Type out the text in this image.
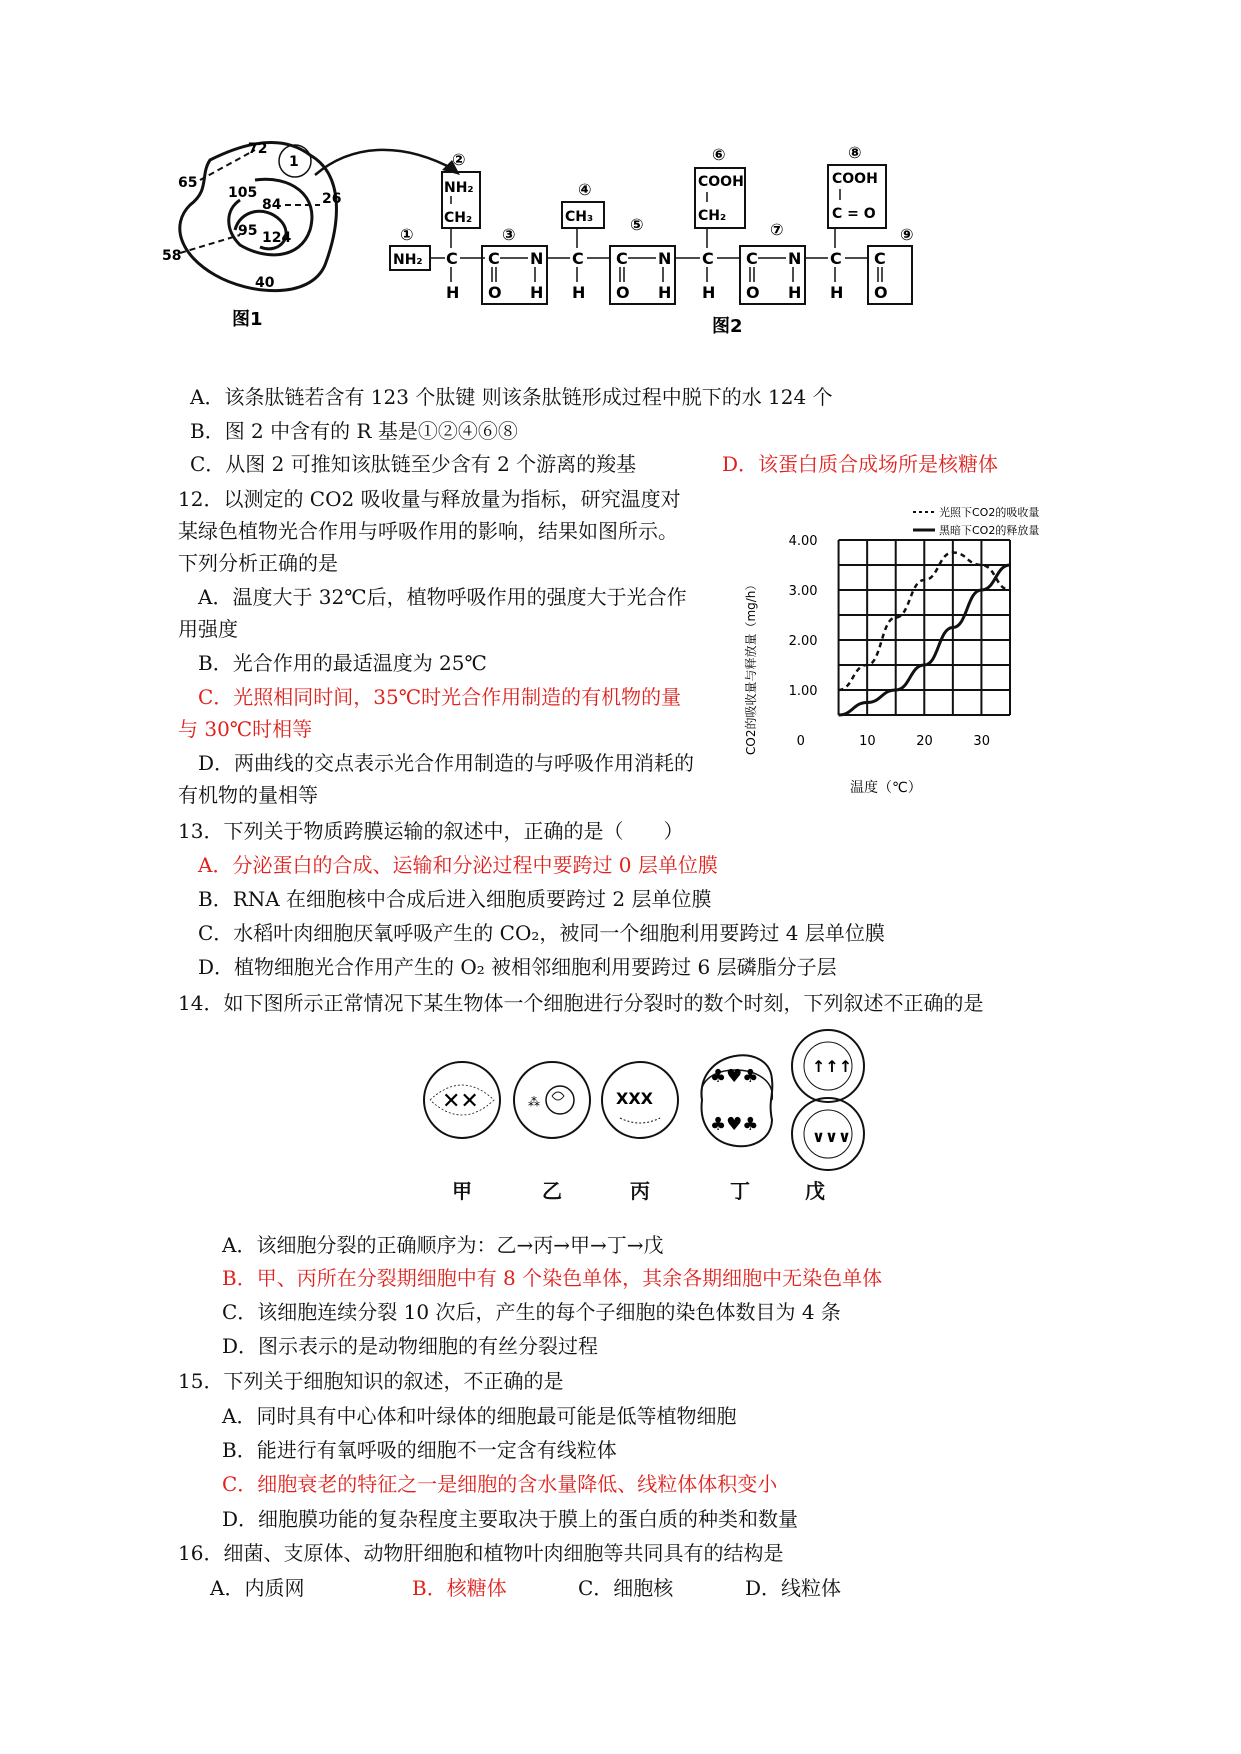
72
65
1
26
105
84
95 124
58
40
图1
①
②
③
④
⑤
⑥
⑦
⑧
⑨
NH₂ C
H
NH₂
CH₂
C
O
N
H
C
H
CH₃
C
O
N
H
C
H
COOH
CH₂
C
O
N
H
C
H
COOH
C = O
C
O
图2
A．该条肽链若含有 123 个肽键 则该条肽链形成过程中脱下的水 124 个
B．图 2 中含有的 R 基是①②④⑥⑧
C．从图 2 可推知该肽链至少含有 2 个游离的羧基	D．该蛋白质合成场所是核糖体
12．以测定的 CO2 吸收量与释放量为指标，研究温度对
某绿色植物光合作用与呼吸作用的影响，结果如图所示。
下列分析正确的是
A．温度大于 32℃后，植物呼吸作用的强度大于光合作
用强度
B．光合作用的最适温度为 25℃
C．光照相同时间，35℃时光合作用制造的有机物的量
与 30℃时相等
D．两曲线的交点表示光合作用制造的与呼吸作用消耗的
有机物的量相等
光照下CO2的吸收量
黑暗下CO2的释放量
CO2的吸收量与释放量（mg/h）
温度（℃）
1.00
2.00
3.00
4.00
0	10	20	30
13．下列关于物质跨膜运输的叙述中，正确的是（　　）
A．分泌蛋白的合成、运输和分泌过程中要跨过 0 层单位膜
B．RNA 在细胞核中合成后进入细胞质要跨过 2 层单位膜
C．水稻叶肉细胞厌氧呼吸产生的 CO₂，被同一个细胞利用要跨过 4 层单位膜
D．植物细胞光合作用产生的 O₂ 被相邻细胞利用要跨过 6 层磷脂分子层
14．如下图所示正常情况下某生物体一个细胞进行分裂时的数个时刻，下列叙述不正确的是
✕✕	⁂	XXX
♣♥♣
♣♥♣
↑↑↑
∨∨∨
甲	乙	丙	丁	戊
A．该细胞分裂的正确顺序为：乙→丙→甲→丁→戊
B．甲、丙所在分裂期细胞中有 8 个染色单体，其余各期细胞中无染色单体
C．该细胞连续分裂 10 次后，产生的每个子细胞的染色体数目为 4 条
D．图示表示的是动物细胞的有丝分裂过程
15．下列关于细胞知识的叙述，不正确的是
A．同时具有中心体和叶绿体的细胞最可能是低等植物细胞
B．能进行有氧呼吸的细胞不一定含有线粒体
C．细胞衰老的特征之一是细胞的含水量降低、线粒体体积变小
D．细胞膜功能的复杂程度主要取决于膜上的蛋白质的种类和数量
16．细菌、支原体、动物肝细胞和植物叶肉细胞等共同具有的结构是
A．内质网	B．核糖体	C．细胞核	D．线粒体
